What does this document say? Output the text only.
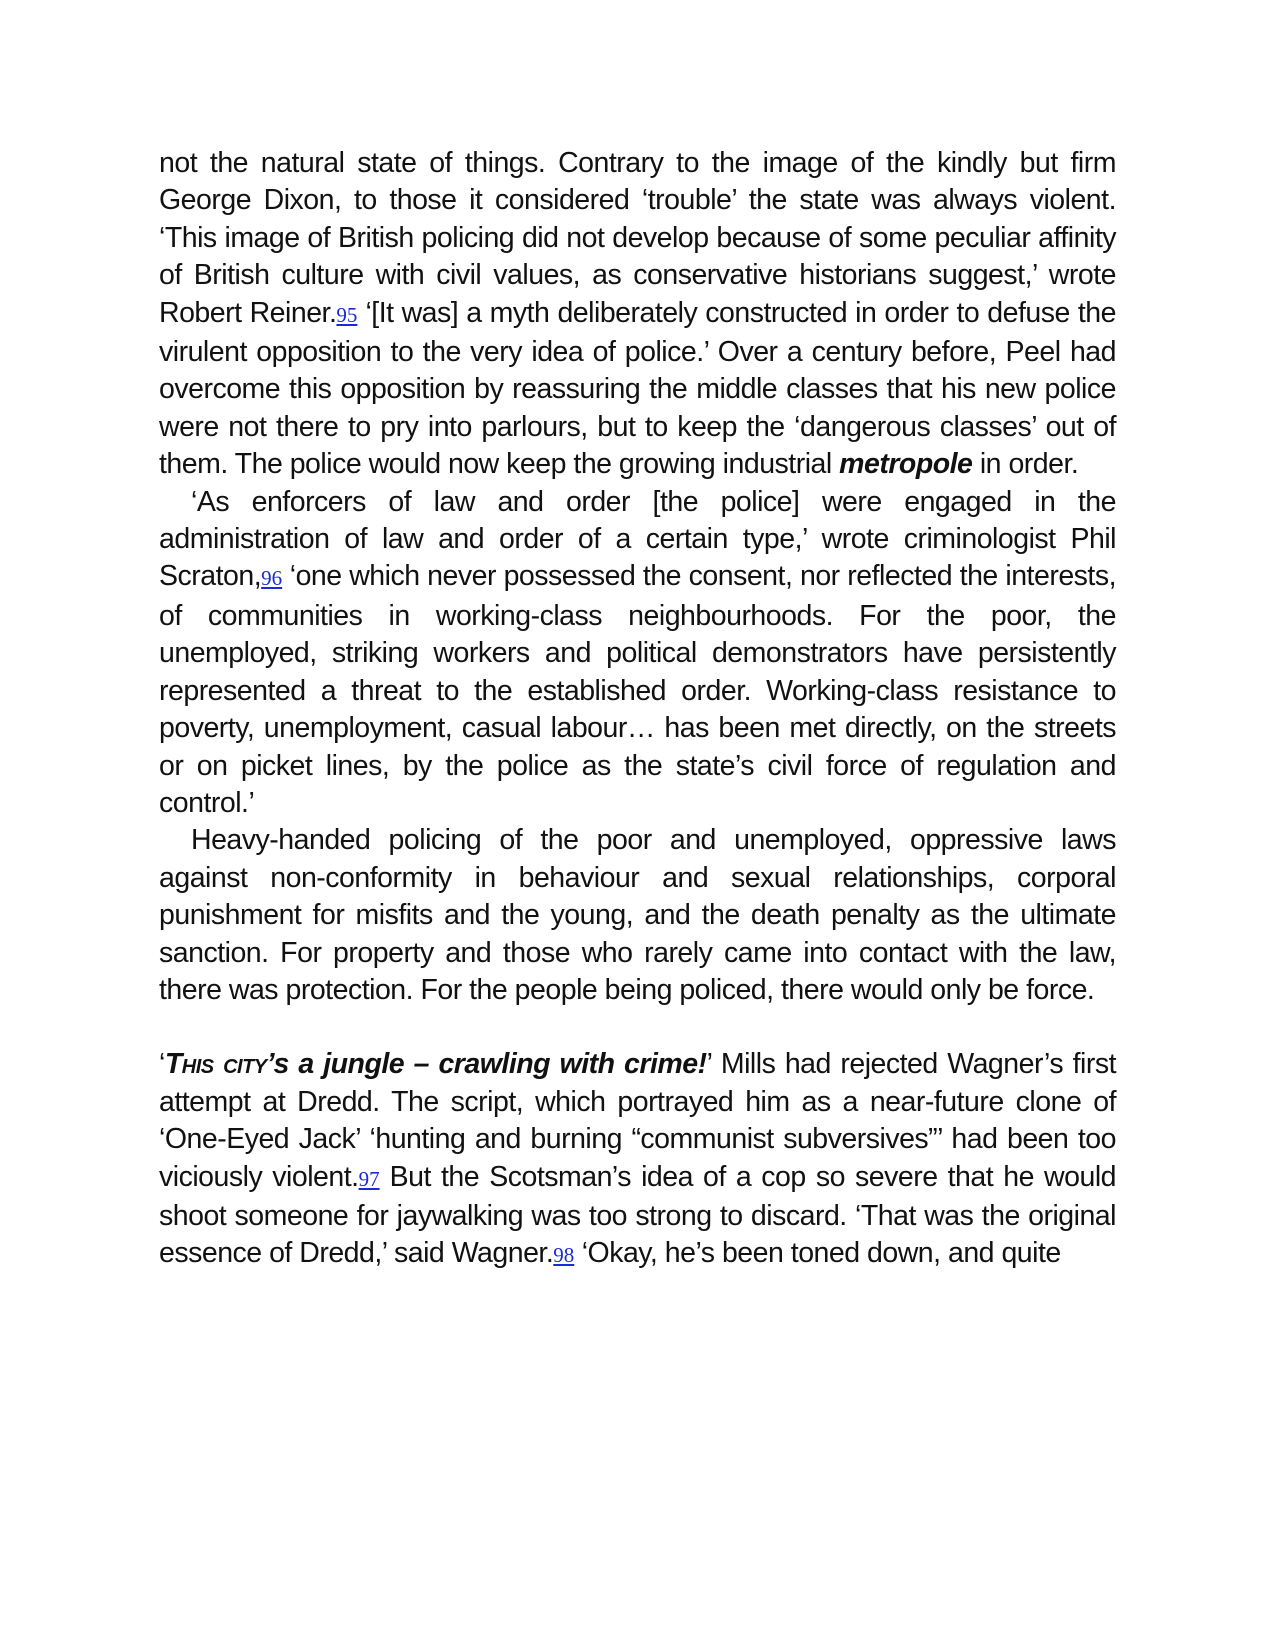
not the natural state of things. Contrary to the image of the kindly but firm George Dixon, to those it considered ‘trouble’ the state was always violent. ‘This image of British policing did not develop because of some peculiar affinity of British culture with civil values, as conservative historians suggest,’ wrote Robert Reiner.95 ‘[It was] a myth deliberately constructed in order to defuse the virulent opposition to the very idea of police.’ Over a century before, Peel had overcome this opposition by reassuring the middle classes that his new police were not there to pry into parlours, but to keep the ‘dangerous classes’ out of them. The police would now keep the growing industrial metropole in order.

‘As enforcers of law and order [the police] were engaged in the administration of law and order of a certain type,’ wrote criminologist Phil Scraton,96 ‘one which never possessed the consent, nor reflected the interests, of communities in working-class neighbourhoods. For the poor, the unemployed, striking workers and political demonstrators have persistently represented a threat to the established order. Working-class resistance to poverty, unemployment, casual labour… has been met directly, on the streets or on picket lines, by the police as the state’s civil force of regulation and control.’

Heavy-handed policing of the poor and unemployed, oppressive laws against non-conformity in behaviour and sexual relationships, corporal punishment for misfits and the young, and the death penalty as the ultimate sanction. For property and those who rarely came into contact with the law, there was protection. For the people being policed, there would only be force.

‘This city’s a jungle – crawling with crime!’ Mills had rejected Wagner’s first attempt at Dredd. The script, which portrayed him as a near-future clone of ‘One-Eyed Jack’ ‘hunting and burning “communist subversives”’ had been too viciously violent.97 But the Scotsman’s idea of a cop so severe that he would shoot someone for jaywalking was too strong to discard. ‘That was the original essence of Dredd,’ said Wagner.98 ‘Okay, he’s been toned down, and quite
